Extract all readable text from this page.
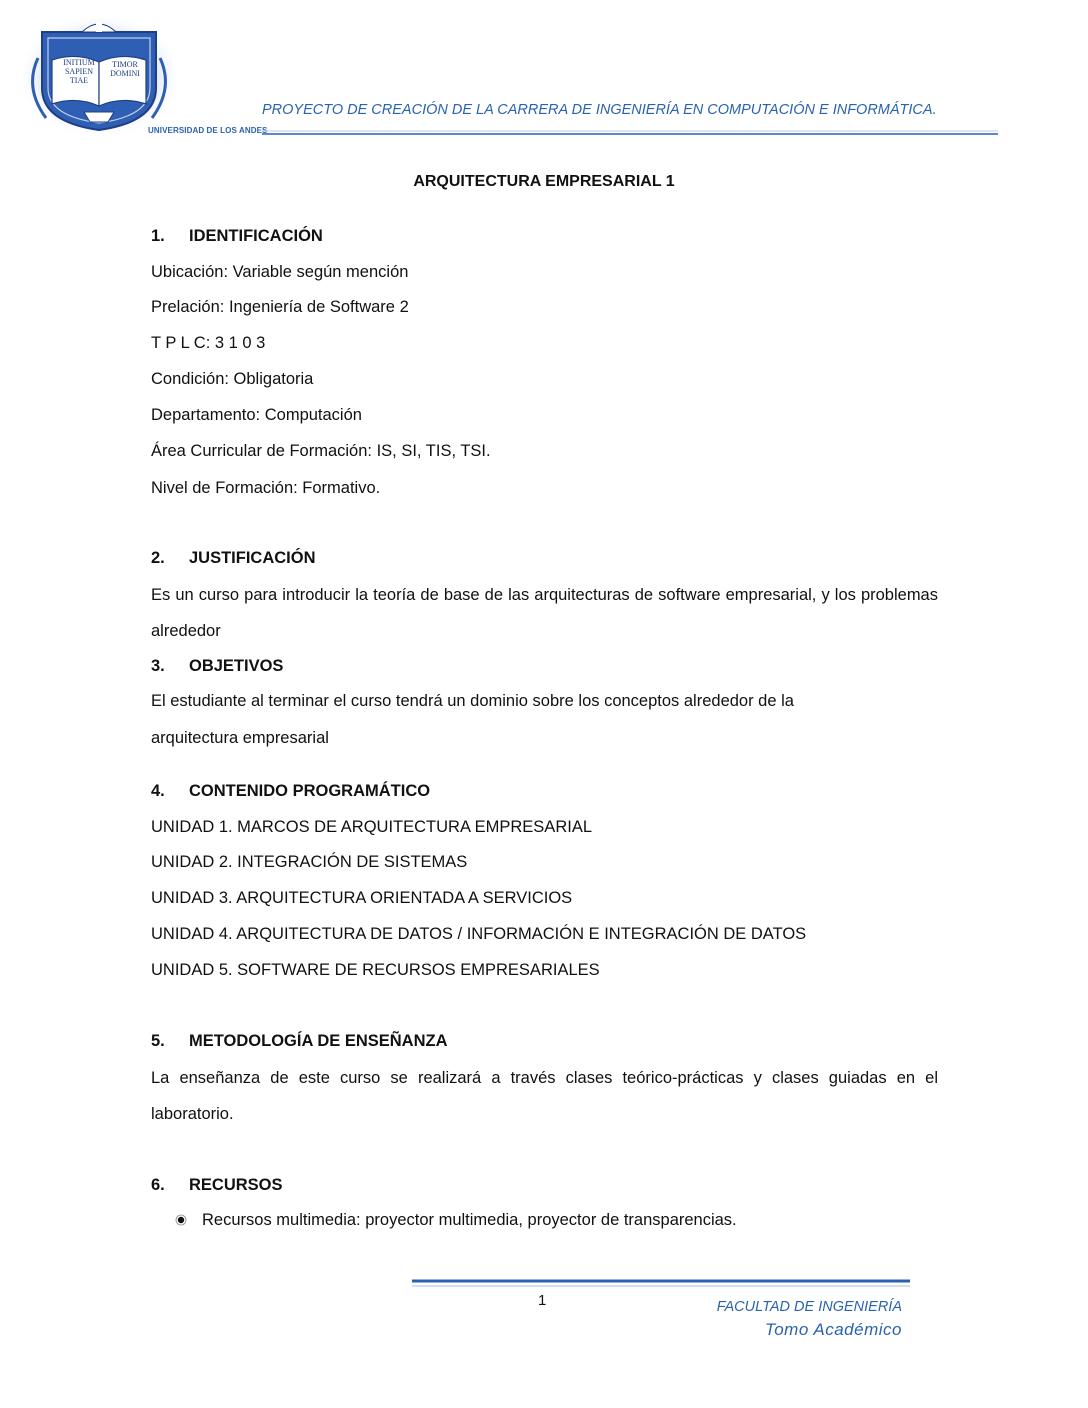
INITIUM
SAPIEN
TIAE
TIMOR
DOMINI
UNIVERSIDAD DE LOS ANDES
PROYECTO DE CREACIÓN DE LA CARRERA DE INGENIERÍA EN COMPUTACIÓN E INFORMÁTICA.
ARQUITECTURA EMPRESARIAL 1
1. IDENTIFICACIÓN
Ubicación: Variable según mención
Prelación: Ingeniería de Software 2
T P L C: 3 1 0 3
Condición: Obligatoria
Departamento: Computación
Área Curricular de Formación: IS, SI, TIS, TSI.
Nivel de Formación: Formativo.
2. JUSTIFICACIÓN
Es un curso para introducir la teoría de base de las arquitecturas de software empresarial, y los problemas alrededor
3. OBJETIVOS
El estudiante al terminar el curso tendrá un dominio sobre los conceptos alrededor de la
arquitectura empresarial
4. CONTENIDO PROGRAMÁTICO
UNIDAD 1. MARCOS DE ARQUITECTURA EMPRESARIAL
UNIDAD 2. INTEGRACIÓN DE SISTEMAS
UNIDAD 3. ARQUITECTURA ORIENTADA A SERVICIOS
UNIDAD 4. ARQUITECTURA DE DATOS / INFORMACIÓN E INTEGRACIÓN DE DATOS
UNIDAD 5. SOFTWARE DE RECURSOS EMPRESARIALES
5. METODOLOGÍA DE ENSEÑANZA
La enseñanza de este curso se realizará a través clases teórico-prácticas y clases guiadas en el laboratorio.
6. RECURSOS
Recursos multimedia: proyector multimedia, proyector de transparencias.
1	FACULTAD DE INGENIERÍA
Tomo Académico
